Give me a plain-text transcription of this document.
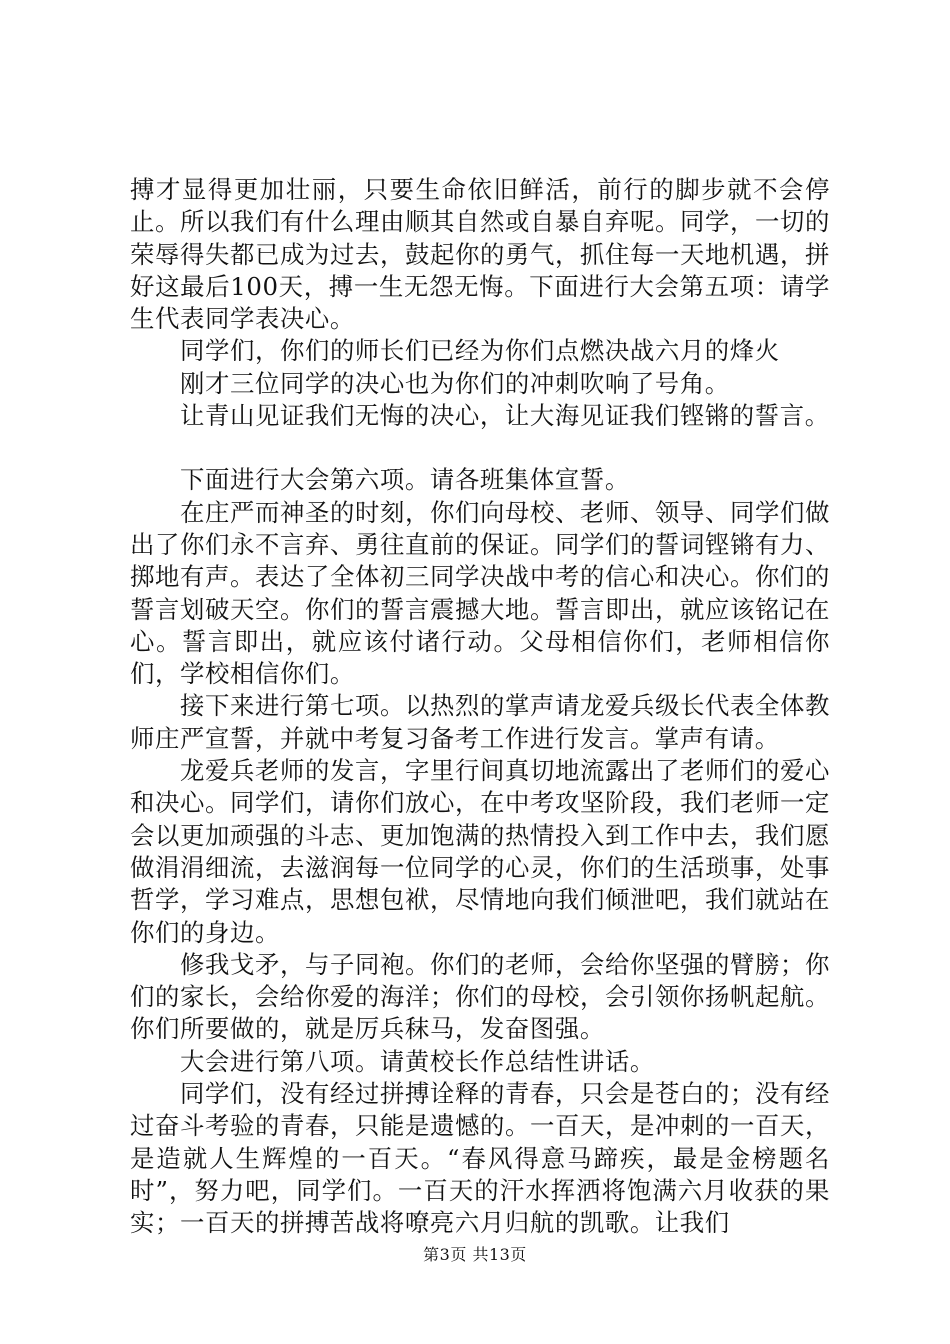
搏才显得更加壮丽，只要生命依旧鲜活，前行的脚步就不会停止。所以我们有什么理由顺其自然或自暴自弃呢。同学，一切的荣辱得失都已成为过去，鼓起你的勇气，抓住每一天地机遇，拼好这最后100天，搏一生无怨无悔。下面进行大会第五项：请学生代表同学表决心。

同学们，你们的师长们已经为你们点燃决战六月的烽火

刚才三位同学的决心也为你们的冲刺吹响了号角。

让青山见证我们无悔的决心，让大海见证我们铿锵的誓言。

下面进行大会第六项。请各班集体宣誓。

在庄严而神圣的时刻，你们向母校、老师、领导、同学们做出了你们永不言弃、勇往直前的保证。同学们的誓词铿锵有力、掷地有声。表达了全体初三同学决战中考的信心和决心。你们的誓言划破天空。你们的誓言震撼大地。誓言即出，就应该铭记在心。誓言即出，就应该付诸行动。父母相信你们，老师相信你们，学校相信你们。

接下来进行第七项。以热烈的掌声请龙爱兵级长代表全体教师庄严宣誓，并就中考复习备考工作进行发言。掌声有请。

龙爱兵老师的发言，字里行间真切地流露出了老师们的爱心和决心。同学们，请你们放心，在中考攻坚阶段，我们老师一定会以更加顽强的斗志、更加饱满的热情投入到工作中去，我们愿做涓涓细流，去滋润每一位同学的心灵，你们的生活琐事，处事哲学，学习难点，思想包袱，尽情地向我们倾泄吧，我们就站在你们的身边。

修我戈矛，与子同袍。你们的老师，会给你坚强的臂膀；你们的家长，会给你爱的海洋；你们的母校，会引领你扬帆起航。你们所要做的，就是厉兵秣马，发奋图强。

大会进行第八项。请黄校长作总结性讲话。

同学们，没有经过拼搏诠释的青春，只会是苍白的；没有经过奋斗考验的青春，只能是遗憾的。一百天，是冲刺的一百天，是造就人生辉煌的一百天。“春风得意马蹄疾，最是金榜题名时”，努力吧，同学们。一百天的汗水挥洒将饱满六月收获的果实；一百天的拼搏苦战将嘹亮六月归航的凯歌。让我们

第3页 共13页
